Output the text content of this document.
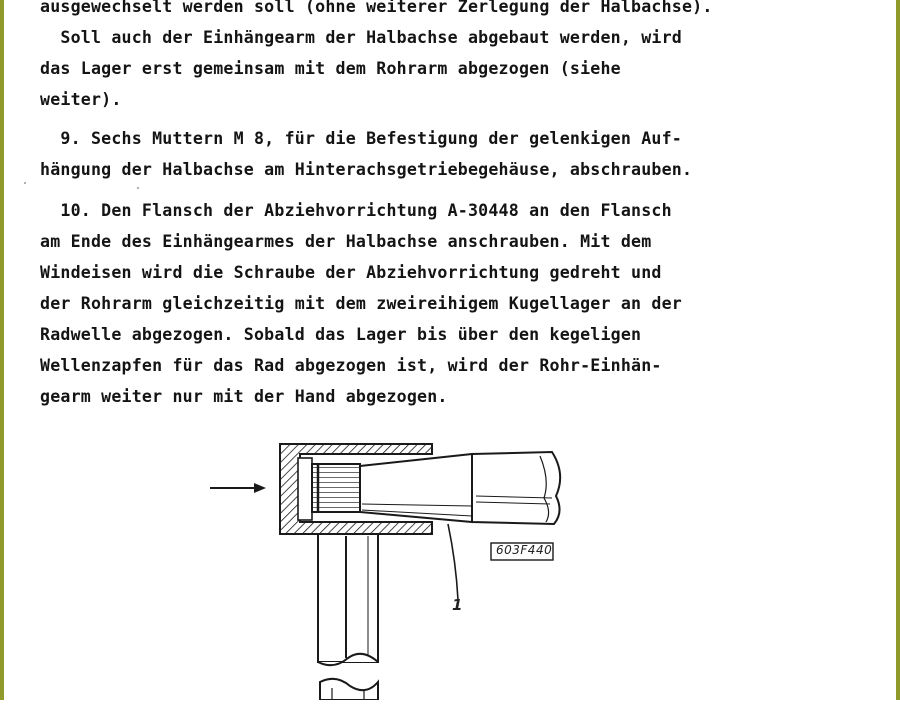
ausgewechselt werden soll (ohne weiterer Zerlegung der Halbachse).
Soll auch der Einhängearm der Halbachse abgebaut werden, wird
das Lager erst gemeinsam mit dem Rohrarm abgezogen (siehe
weiter).
9. Sechs Muttern M 8, für die Befestigung der gelenkigen Auf-
hängung der Halbachse am Hinterachsgetriebegehäuse, abschrauben.
10. Den Flansch der Abziehvorrichtung A-30448 an den Flansch
am Ende des Einhängearmes der Halbachse anschrauben. Mit dem
Windeisen wird die Schraube der Abziehvorrichtung gedreht und
der Rohrarm gleichzeitig mit dem zweireihigem Kugellager an der
Radwelle abgezogen. Sobald das Lager bis über den kegeligen
Wellenzapfen für das Rad abgezogen ist, wird der Rohr-Einhän-
gearm weiter nur mit der Hand abgezogen.
603F440
1
